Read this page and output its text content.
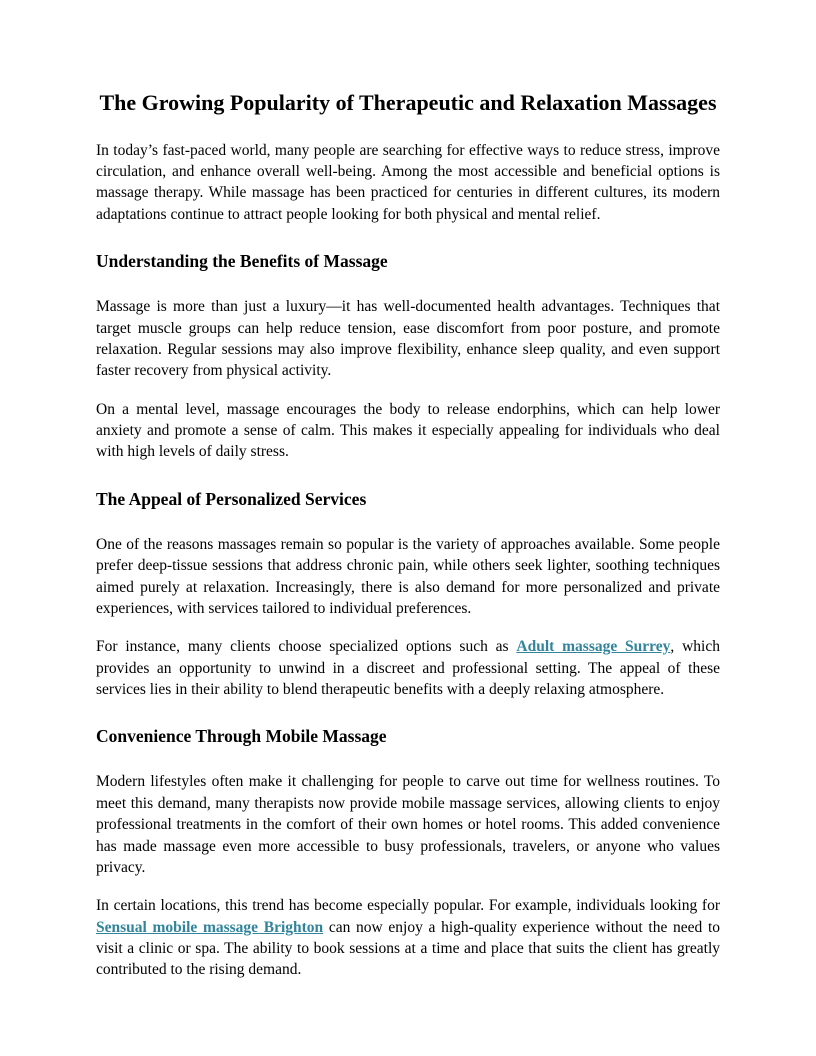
The Growing Popularity of Therapeutic and Relaxation Massages

In today’s fast-paced world, many people are searching for effective ways to reduce stress, improve circulation, and enhance overall well-being. Among the most accessible and beneficial options is massage therapy. While massage has been practiced for centuries in different cultures, its modern adaptations continue to attract people looking for both physical and mental relief.

Understanding the Benefits of Massage

Massage is more than just a luxury—it has well-documented health advantages. Techniques that target muscle groups can help reduce tension, ease discomfort from poor posture, and promote relaxation. Regular sessions may also improve flexibility, enhance sleep quality, and even support faster recovery from physical activity.

On a mental level, massage encourages the body to release endorphins, which can help lower anxiety and promote a sense of calm. This makes it especially appealing for individuals who deal with high levels of daily stress.

The Appeal of Personalized Services

One of the reasons massages remain so popular is the variety of approaches available. Some people prefer deep-tissue sessions that address chronic pain, while others seek lighter, soothing techniques aimed purely at relaxation. Increasingly, there is also demand for more personalized and private experiences, with services tailored to individual preferences.

For instance, many clients choose specialized options such as Adult massage Surrey, which provides an opportunity to unwind in a discreet and professional setting. The appeal of these services lies in their ability to blend therapeutic benefits with a deeply relaxing atmosphere.

Convenience Through Mobile Massage

Modern lifestyles often make it challenging for people to carve out time for wellness routines. To meet this demand, many therapists now provide mobile massage services, allowing clients to enjoy professional treatments in the comfort of their own homes or hotel rooms. This added convenience has made massage even more accessible to busy professionals, travelers, or anyone who values privacy.

In certain locations, this trend has become especially popular. For example, individuals looking for Sensual mobile massage Brighton can now enjoy a high-quality experience without the need to visit a clinic or spa. The ability to book sessions at a time and place that suits the client has greatly contributed to the rising demand.
